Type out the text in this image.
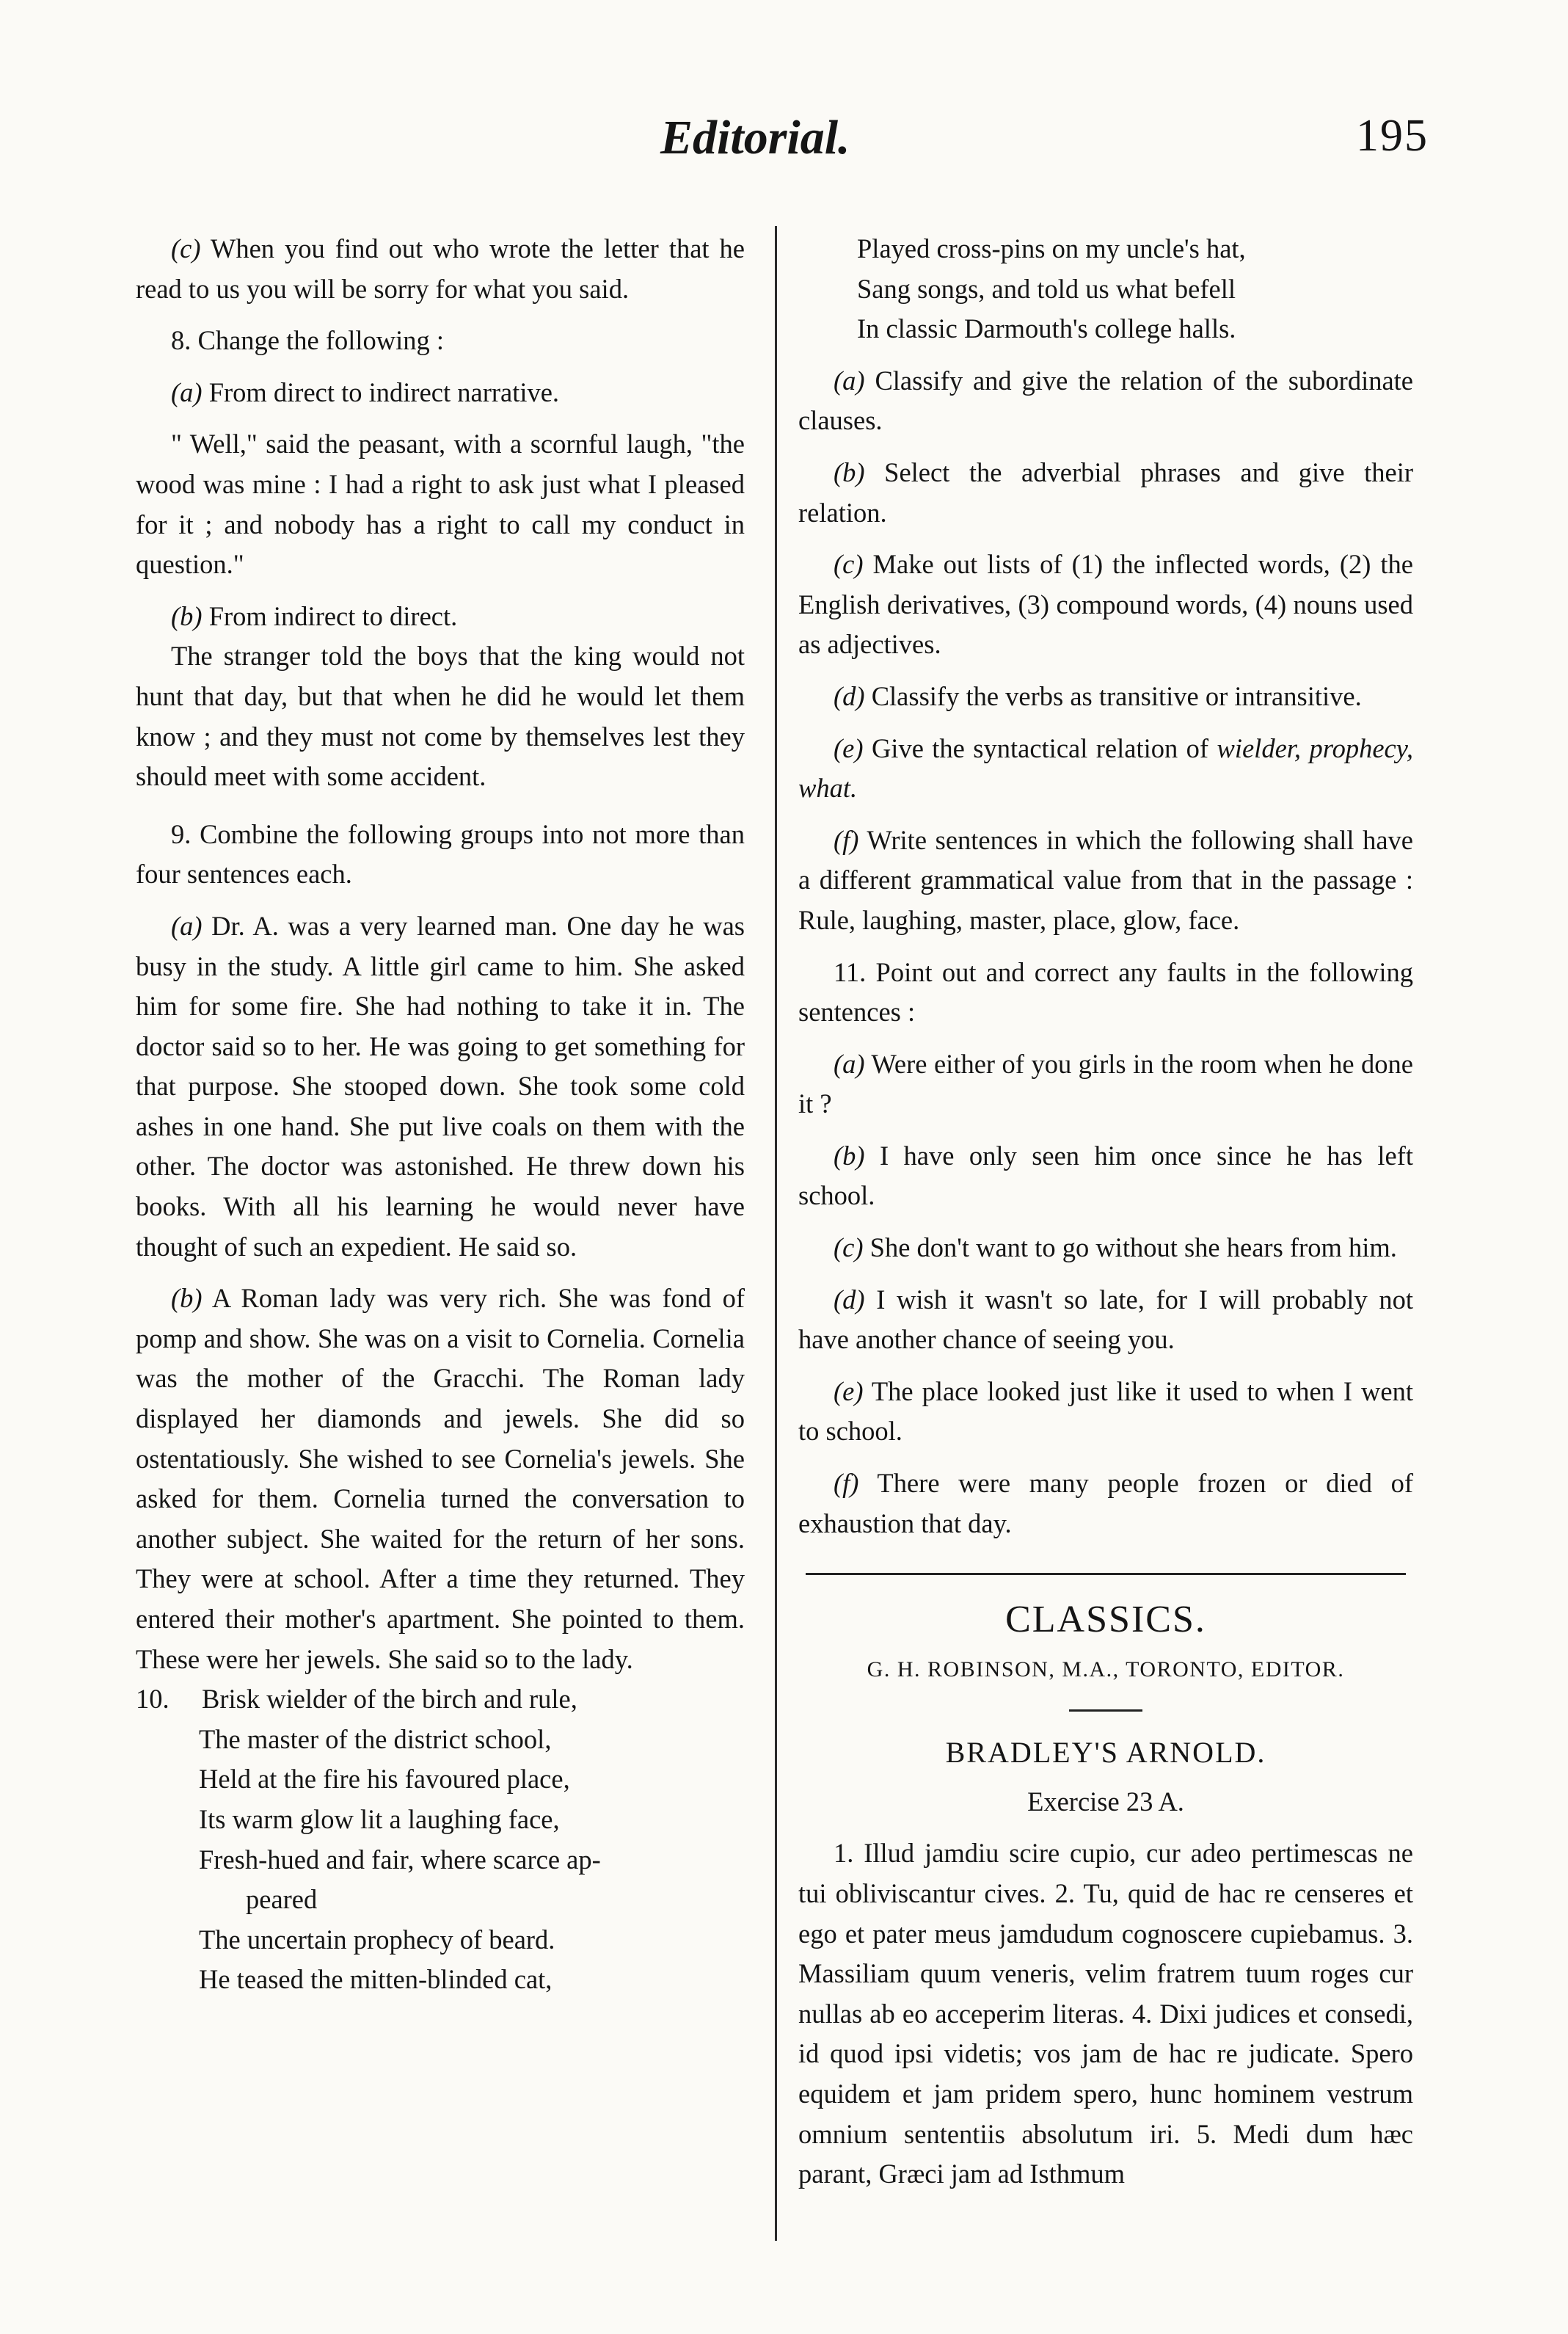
Editorial.	195

(c) When you find out who wrote the letter that he read to us you will be sorry for what you said.

8. Change the following :

(a) From direct to indirect narrative.

" Well," said the peasant, with a scornful laugh, "the wood was mine : I had a right to ask just what I pleased for it ; and nobody has a right to call my conduct in question."

(b) From indirect to direct.

The stranger told the boys that the king would not hunt that day, but that when he did he would let them know ; and they must not come by themselves lest they should meet with some accident.

9. Combine the following groups into not more than four sentences each.

(a) Dr. A. was a very learned man. One day he was busy in the study. A little girl came to him. She asked him for some fire. She had nothing to take it in. The doctor said so to her. He was going to get something for that purpose. She stooped down. She took some cold ashes in one hand. She put live coals on them with the other. The doctor was astonished. He threw down his books. With all his learning he would never have thought of such an expedient. He said so.

(b) A Roman lady was very rich. She was fond of pomp and show. She was on a visit to Cornelia. Cornelia was the mother of the Gracchi. The Roman lady displayed her diamonds and jewels. She did so ostentatiously. She wished to see Cornelia's jewels. She asked for them. Cornelia turned the conversation to another subject. She waited for the return of her sons. They were at school. After a time they returned. They entered their mother's apartment. She pointed to them. These were her jewels. She said so to the lady.

10. Brisk wielder of the birch and rule,
The master of the district school,
Held at the fire his favoured place,
Its warm glow lit a laughing face,
Fresh-hued and fair, where scarce ap-
peared
The uncertain prophecy of beard.
He teased the mitten-blinded cat,
Played cross-pins on my uncle's hat,
Sang songs, and told us what befell
In classic Darmouth's college halls.

(a) Classify and give the relation of the subordinate clauses.

(b) Select the adverbial phrases and give their relation.

(c) Make out lists of (1) the inflected words, (2) the English derivatives, (3) compound words, (4) nouns used as adjectives.

(d) Classify the verbs as transitive or intransitive.

(e) Give the syntactical relation of wielder, prophecy, what.

(f) Write sentences in which the following shall have a different grammatical value from that in the passage : Rule, laughing, master, place, glow, face.

11. Point out and correct any faults in the following sentences :

(a) Were either of you girls in the room when he done it ?

(b) I have only seen him once since he has left school.

(c) She don't want to go without she hears from him.

(d) I wish it wasn't so late, for I will probably not have another chance of seeing you.

(e) The place looked just like it used to when I went to school.

(f) There were many people frozen or died of exhaustion that day.

CLASSICS.
G. H. ROBINSON, M.A., TORONTO, EDITOR.
BRADLEY'S ARNOLD.
Exercise 23 A.

1. Illud jamdiu scire cupio, cur adeo pertimescas ne tui obliviscantur cives. 2. Tu, quid de hac re censeres et ego et pater meus jamdudum cognoscere cupiebamus. 3. Massiliam quum veneris, velim fratrem tuum roges cur nullas ab eo acceperim literas. 4. Dixi judices et consedi, id quod ipsi videtis; vos jam de hac re judicate. Spero equidem et jam pridem spero, hunc hominem vestrum omnium sententiis absolutum iri. 5. Medi dum hæc parant, Græci jam ad Isthmum
